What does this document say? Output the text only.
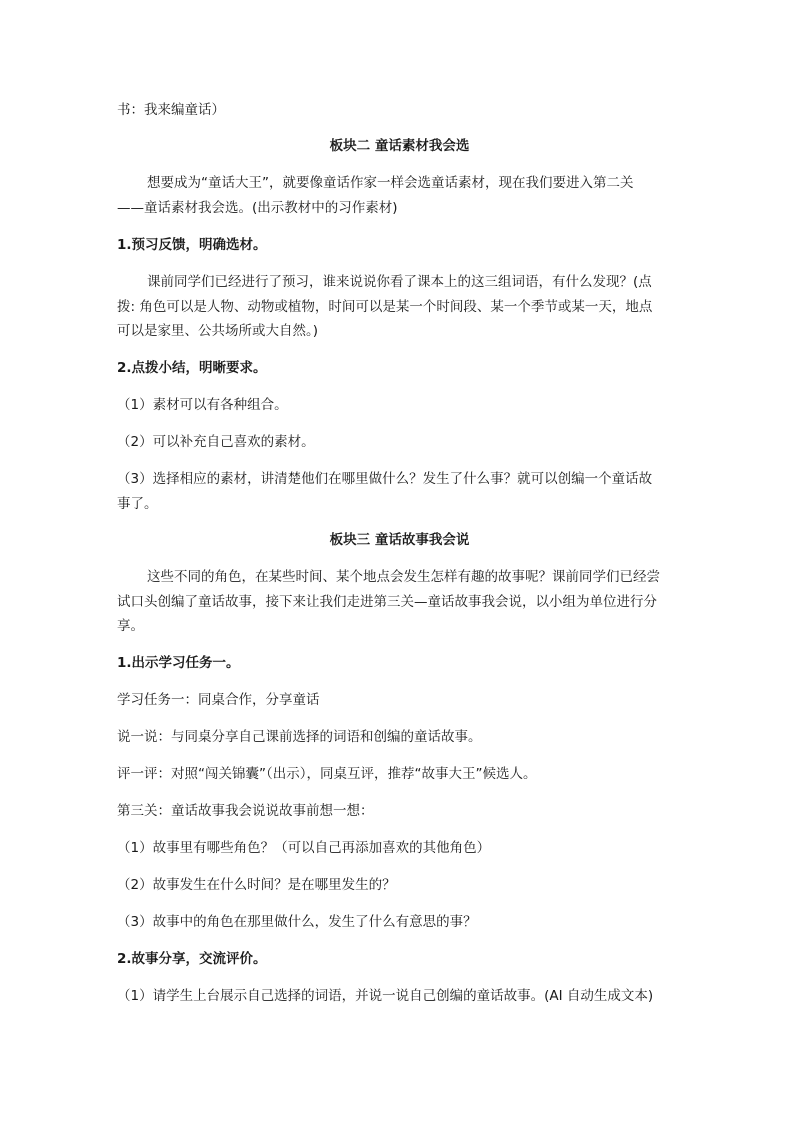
书：我来编童话）
板块二 童话素材我会选
想要成为“童话大王”，就要像童话作家一样会选童话素材，现在我们要进入第二关
——童话素材我会选。(出示教材中的习作素材)
1.预习反馈，明确选材。
课前同学们已经进行了预习，谁来说说你看了课本上的这三组词语，有什么发现？(点
拨: 角色可以是人物、动物或植物，时间可以是某一个时间段、某一个季节或某一天，地点
可以是家里、公共场所或大自然。)
2.点拨小结，明晰要求。
（1）素材可以有各种组合。
（2）可以补充自己喜欢的素材。
（3）选择相应的素材，讲清楚他们在哪里做什么？发生了什么事？就可以创编一个童话故
事了。
板块三 童话故事我会说
这些不同的角色，在某些时间、某个地点会发生怎样有趣的故事呢？课前同学们已经尝
试口头创编了童话故事，接下来让我们走进第三关—童话故事我会说，以小组为单位进行分
享。
1.出示学习任务一。
学习任务一：同桌合作，分享童话
说一说：与同桌分享自己课前选择的词语和创编的童话故事。
评一评：对照“闯关锦囊”（出示），同桌互评，推荐“故事大王”候选人。
第三关：童话故事我会说说故事前想一想：
（1）故事里有哪些角色？（可以自己再添加喜欢的其他角色）
（2）故事发生在什么时间？是在哪里发生的？
（3）故事中的角色在那里做什么，发生了什么有意思的事？
2.故事分享，交流评价。
（1）请学生上台展示自己选择的词语，并说一说自己创编的童话故事。(AI 自动生成文本)
